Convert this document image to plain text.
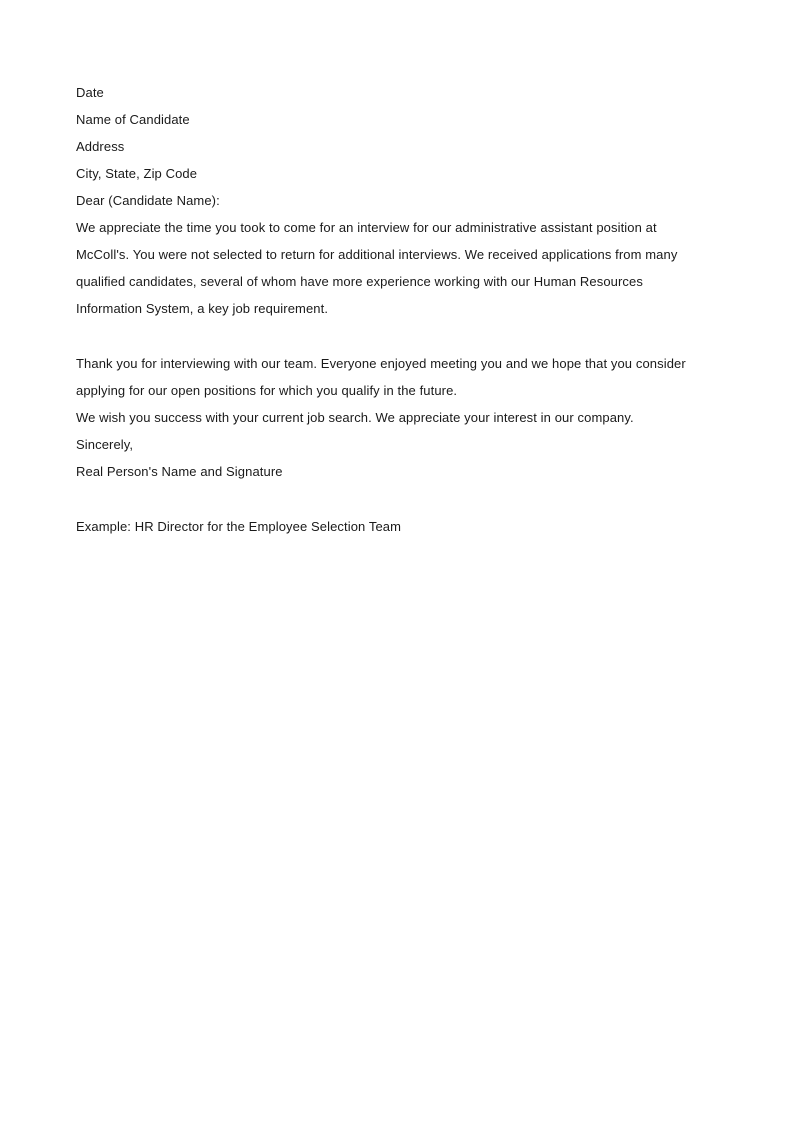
Date
Name of Candidate
Address
City, State, Zip Code
Dear (Candidate Name):
We appreciate the time you took to come for an interview for our administrative assistant position at
McColl's. You were not selected to return for additional interviews. We received applications from many
qualified candidates, several of whom have more experience working with our Human Resources
Information System, a key job requirement.
Thank you for interviewing with our team. Everyone enjoyed meeting you and we hope that you consider
applying for our open positions for which you qualify in the future.
We wish you success with your current job search. We appreciate your interest in our company.
Sincerely,
Real Person's Name and Signature
Example: HR Director for the Employee Selection Team
